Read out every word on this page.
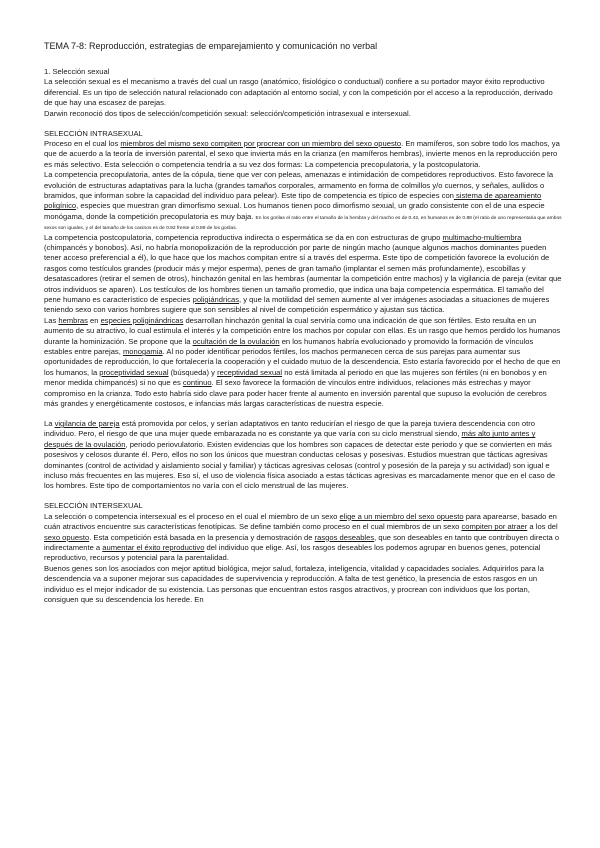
TEMA 7-8: Reproducción, estrategias de emparejamiento y comunicación no verbal
1. Selección sexual

La selección sexual es el mecanismo a través del cual un rasgo (anatómico, fisiológico o conductual) confiere a su portador mayor éxito reproductivo diferencial. Es un tipo de selección natural relacionado con adaptación al entorno social, y con la competición por el acceso a la reproducción, derivado de que hay una escasez de parejas.

Darwin reconoció dos tipos de selección/competición sexual: selección/competición intrasexual e intersexual.

SELECCIÓN INTRASEXUAL

Proceso en el cual los miembros del mismo sexo compiten por procrear con un miembro del sexo opuesto. En mamíferos, son sobre todo los machos, ya que de acuerdo a la teoría de inversión parental, el sexo que invierta más en la crianza (en mamíferos hembras), invierte menos en la reproducción pero es más selectivo. Esta selección o competencia tendría a su vez dos formas: La competencia precopulatoria, y la postcopulatoria.

La competencia precopulatoria, antes de la cópula, tiene que ver con peleas, amenazas e intimidación de competidores reproductivos. Esto favorece la evolución de estructuras adaptativas para la lucha (grandes tamaños corporales, armamento en forma de colmillos y/o cuernos, y señales, aullidos o bramidos, que informan sobre la capacidad del individuo para pelear). Este tipo de competencia es típico de especies con sistema de apareamiento poligínico, especies que muestran gran dimorfismo sexual. Los humanos tienen poco dimorfismo sexual, un grado consistente con el de una especie monógama, donde la competición precopulatoria es muy baja. En los gorilas el ratio entre el tamaño de la hembra y del macho es de 0.42, en humanos es de 0.88 (el ratio de uno representaria que ambos sexos son iguales, y el del tamaño de los caninos es de 0.92 frente al 0.89 de los gorilas.

La competencia postcopulatoria, competencia reproductiva indirecta o espermática se da en con estructuras de grupo multimacho-multiembra (chimpancés y bonobos). Así, no habría monopolización de la reproducción por parte de ningún macho (aunque algunos machos dominantes pueden tener acceso preferencial a él), lo que hace que los machos compitan entre sí a través del esperma. Este tipo de competición favorece la evolución de rasgos como testículos grandes (producir más y mejor esperma), penes de gran tamaño (implantar el semen más profundamente), escobillas y desatascadores (retirar el semen de otros), hinchazón genital en las hembras (aumentar la competición entre machos) y la vigilancia de pareja (evitar que otros individuos se aparen). Los testículos de los hombres tienen un tamaño promedio, que indica una baja competencia espermática. El tamaño del pene humano es característico de especies poligiándricas, y que la motilidad del semen aumente al ver imágenes asociadas a situaciones de mujeres teniendo sexo con varios hombres sugiere que son sensibles al nivel de competición espermático y ajustan sus táctica.

Las hembras en especies poliginándricas desarrollan hinchazón genital la cual serviría como una indicación de que son fértiles. Esto resulta en un aumento de su atractivo, lo cual estimula el interés y la competición entre los machos por copular con ellas. Es un rasgo que hemos perdido los humanos durante la hominización. Se propone que la ocultación de la ovulación en los humanos habría evolucionado y promovido la formación de vínculos estables entre parejas, monogamia. Al no poder identificar periodos fértiles, los machos permanecen cerca de sus parejas para aumentar sus oportunidades de reproducción, lo que fortalecería la cooperación y el cuidado mutuo de la descendencia. Esto estaría favorecido por el hecho de que en los humanos, la proceptividad sexual (búsqueda) y receptividad sexual no está limitada al periodo en que las mujeres son fértiles (ni en bonobos y en menor medida chimpancés) si no que es continuo. El sexo favorece la formación de vínculos entre individuos, relaciones más estrechas y mayor compromiso en la crianza. Todo esto habría sido clave para poder hacer frente al aumento en inversión parental que supuso la evolución de cerebros más grandes y energéticamente costosos, e infancias más largas características de nuestra especie.

La vigilancia de pareja está promovida por celos, y serían adaptativos en tanto reducirían el riesgo de que la pareja tuviera descendencia con otro individuo. Pero, el riesgo de que una mujer quede embarazada no es constante ya que varía con su ciclo menstrual siendo, más alto junto antes y después de la ovulación, periodo periovulatorio. Existen evidencias que los hombres son capaces de detectar este periodo y que se convierten en más posesivos y celosos durante él. Pero, ellos no son los únicos que muestran conductas celosas y posesivas. Estudios muestran que tácticas agresivas dominantes (control de actividad y aislamiento social y familiar) y tácticas agresivas celosas (control y posesión de la pareja y su actividad) son igual e incluso más frecuentes en las mujeres. Eso sí, el uso de violencia física asociado a estas tácticas agresivas es marcadamente menor que en el caso de los hombres. Este tipo de comportamientos no varía con el ciclo menstrual de las mujeres.

SELECCIÓN INTERSEXUAL

La selección o competencia intersexual es el proceso en el cual el miembro de un sexo elige a un miembro del sexo opuesto para aparearse, basado en cuán atractivos encuentre sus características fenotípicas. Se define también como proceso en el cual miembros de un sexo compiten por atraer a los del sexo opuesto. Esta competición está basada en la presencia y demostración de rasgos deseables, que son deseables en tanto que contribuyen directa o indirectamente a aumentar el éxito reproductivo del individuo que elige. Así, los rasgos deseables los podemos agrupar en buenos genes, potencial reproductivo, recursos y potencial para la parentalidad.

Buenos genes son los asociados con mejor aptitud biológica, mejor salud, fortaleza, inteligencia, vitalidad y capacidades sociales. Adquirirlos para la descendencia va a suponer mejorar sus capacidades de supervivencia y reproducción. A falta de test genético, la presencia de estos rasgos en un individuo es el mejor indicador de su existencia. Las personas que encuentran estos rasgos atractivos, y procrean con individuos que los portan, consiguen que su descendencia los herede. En
